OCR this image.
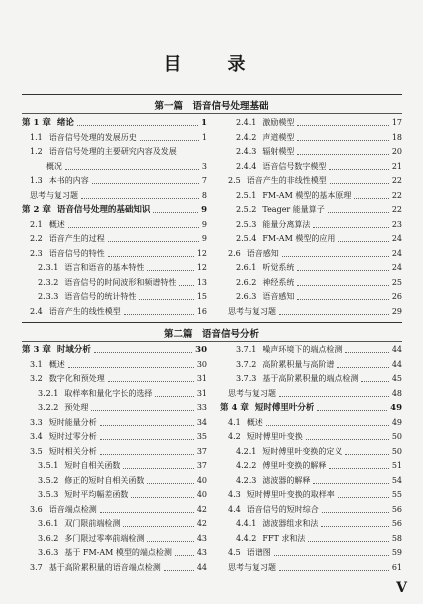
目　录
第一篇　语音信号处理基础
第 1 章 绪论	1
1.1 语音信号处理的发展历史	1
1.2 语音信号处理的主要研究内容及发展
概况	3
1.3 本书的内容	7
思考与复习题	8
第 2 章 语音信号处理的基础知识	9
2.1 概述	9
2.2 语音产生的过程	9
2.3 语音信号的特性	12
2.3.1 语言和语音的基本特性	12
2.3.2 语音信号的时间波形和频谱特性	13
2.3.3 语音信号的统计特性	15
2.4 语音产生的线性模型	16
2.4.1 激励模型	17
2.4.2 声道模型	18
2.4.3 辐射模型	20
2.4.4 语音信号数字模型	21
2.5 语音产生的非线性模型	22
2.5.1 FM-AM 模型的基本原理	22
2.5.2 Teager 能量算子	22
2.5.3 能量分离算法	23
2.5.4 FM-AM 模型的应用	24
2.6 语音感知	24
2.6.1 听觉系统	24
2.6.2 神经系统	25
2.6.3 语音感知	26
思考与复习题	29
第二篇　语音信号分析
第 3 章 时域分析	30
3.1 概述	30
3.2 数字化和预处理	31
3.2.1 取样率和量化字长的选择	31
3.2.2 预处理	33
3.3 短时能量分析	34
3.4 短时过零分析	35
3.5 短时相关分析	37
3.5.1 短时自相关函数	37
3.5.2 修正的短时自相关函数	40
3.5.3 短时平均幅差函数	40
3.6 语音端点检测	42
3.6.1 双门限前端检测	42
3.6.2 多门限过零率前端检测	43
3.6.3 基于 FM-AM 模型的端点检测	43
3.7 基于高阶累积量的语音端点检测	44
3.7.1 噪声环境下的端点检测	44
3.7.2 高阶累积量与高阶谱	44
3.7.3 基于高阶累积量的端点检测	45
思考与复习题	48
第 4 章 短时傅里叶分析	49
4.1 概述	49
4.2 短时傅里叶变换	50
4.2.1 短时傅里叶变换的定义	50
4.2.2 傅里叶变换的解释	51
4.2.3 滤波器的解释	54
4.3 短时傅里叶变换的取样率	55
4.4 语音信号的短时综合	56
4.4.1 滤波器组求和法	56
4.4.2 FFT 求和法	58
4.5 语谱图	59
思考与复习题	61
V
